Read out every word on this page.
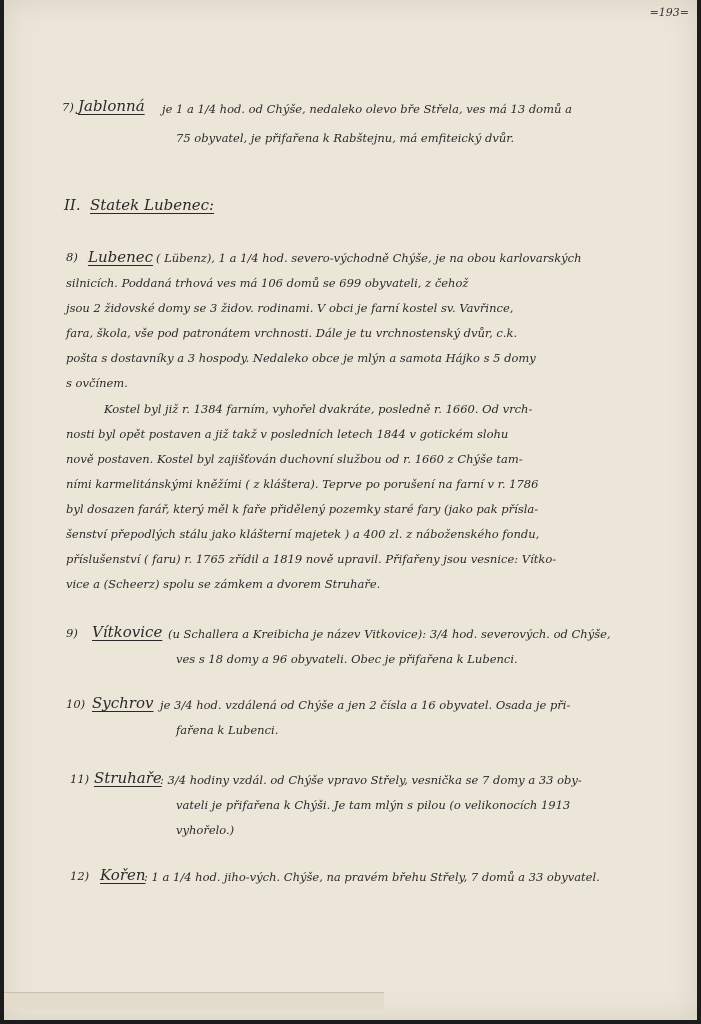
=193=
7) Jablonná je 1 a 1/4 hod. od Chýše, nedaleko olevo bře Střela, ves má 13 domů a
75 obyvatel, je přifařena k Rabštejnu, má emfiteický dvůr.
II. Statek Lubenec:
8) Lubenec ( Lübenz), 1 a 1/4 hod. severo-východně Chýše, je na obou karlovarských
silnicích. Poddaná trhová ves má 106 domů se 699 obyvateli, z čehož
jsou 2 židovské domy se 3 židov. rodinami. V obci je farní kostel sv. Vavřince,
fara, škola, vše pod patronátem vrchnosti. Dále je tu vrchnostenský dvůr, c.k.
pošta s dostavníky a 3 hospody. Nedaleko obce je mlýn a samota Hájko s 5 domy
s ovčínem.
Kostel byl již r. 1384 farním, vyhořel dvakráte, posledně r. 1660. Od vrch-
nosti byl opět postaven a již takž v posledních letech 1844 v gotickém slohu
nově postaven. Kostel byl zajišťován duchovní službou od r. 1660 z Chýše tam-
ními karmelitánskými kněžími ( z kláštera). Teprve po porušení na farní v r. 1786
byl dosazen farář, který měl k faře přidělený pozemky staré fary (jako pak přísla-
šenství přepodlých stálu jako klášterní majetek ) a 400 zl. z náboženského fondu,
příslušenství ( faru) r. 1765 zřídil a 1819 nově upravil. Přifařeny jsou vesnice: Vítko-
vice a (Scheerz) spolu se zámkem a dvorem Struhaře.
9) Vítkovice (u Schallera a Kreibicha je název Vitkovice): 3/4 hod. severových. od Chýše,
ves s 18 domy a 96 obyvateli. Obec je přifařena k Lubenci.
10) Sychrov je 3/4 hod. vzdálená od Chýše a jen 2 čísla a 16 obyvatel. Osada je při-
fařena k Lubenci.
11) Struhaře
: 3/4 hodiny vzdál. od Chýše vpravo Střely, vesnička se 7 domy a 33 oby-
vateli je přifařena k Chýši. Je tam mlýn s pilou (o velikonocích 1913
vyhořelo.)
12) Kořen
: 1 a 1/4 hod. jiho-vých. Chýše, na pravém břehu Střely, 7 domů a 33 obyvatel.
